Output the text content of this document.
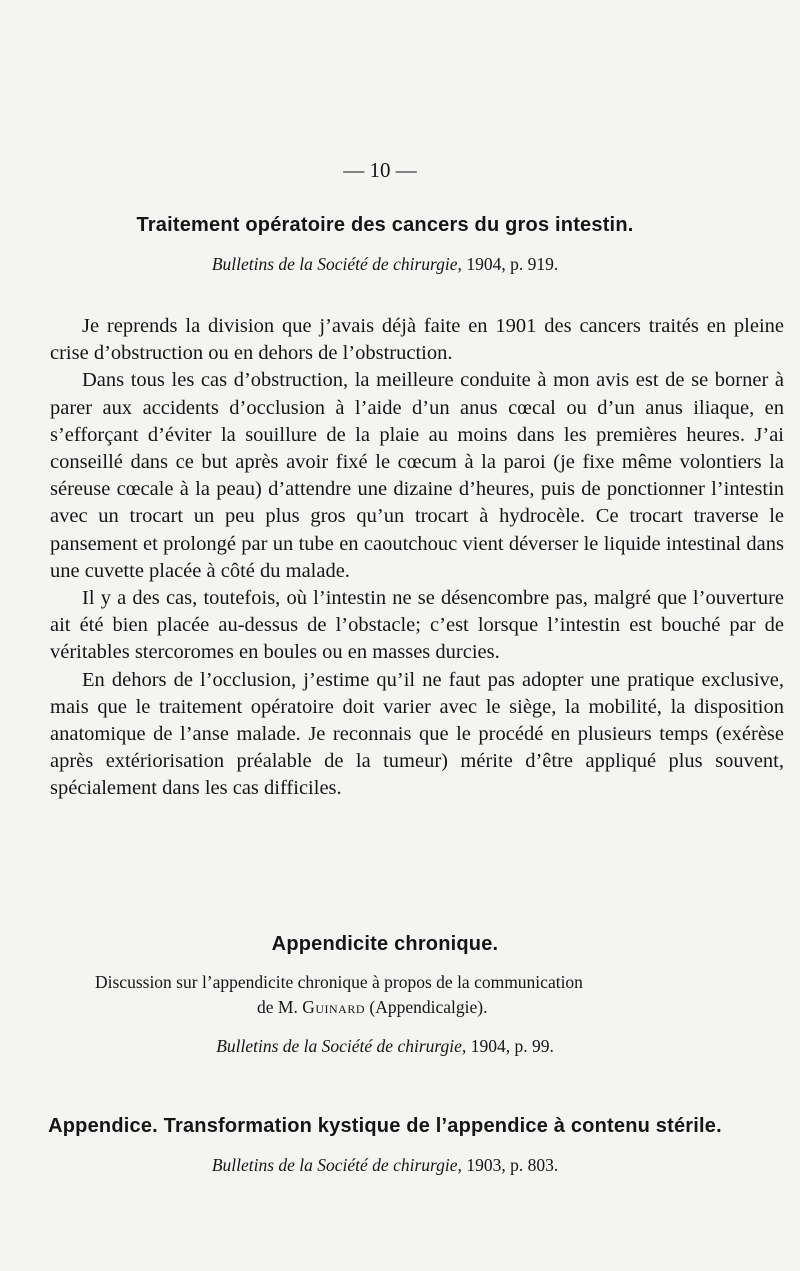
— 10 —
Traitement opératoire des cancers du gros intestin.
Bulletins de la Société de chirurgie, 1904, p. 919.

Je reprends la division que j’avais déjà faite en 1901 des cancers traités en pleine crise d’obstruction ou en dehors de l’obstruction.

Dans tous les cas d’obstruction, la meilleure conduite à mon avis est de se borner à parer aux accidents d’occlusion à l’aide d’un anus cœcal ou d’un anus iliaque, en s’efforçant d’éviter la souillure de la plaie au moins dans les premières heures. J’ai conseillé dans ce but après avoir fixé le cœcum à la paroi (je fixe même volontiers la séreuse cœcale à la peau) d’attendre une dizaine d’heures, puis de ponctionner l’intestin avec un trocart un peu plus gros qu’un trocart à hydrocèle. Ce trocart traverse le pansement et prolongé par un tube en caoutchouc vient déverser le liquide intestinal dans une cuvette placée à côté du malade.

Il y a des cas, toutefois, où l’intestin ne se désencombre pas, malgré que l’ouverture ait été bien placée au-dessus de l’obstacle; c’est lorsque l’intestin est bouché par de véritables stercoromes en boules ou en masses durcies.

En dehors de l’occlusion, j’estime qu’il ne faut pas adopter une pratique exclusive, mais que le traitement opératoire doit varier avec le siège, la mobilité, la disposition anatomique de l’anse malade. Je reconnais que le procédé en plusieurs temps (exérèse après extériorisation préalable de la tumeur) mérite d’être appliqué plus souvent, spécialement dans les cas difficiles.

Appendicite chronique.
Discussion sur l’appendicite chronique à propos de la communication
de M. Guinard (Appendicalgie).
Bulletins de la Société de chirurgie, 1904, p. 99.
Appendice. Transformation kystique de l’appendice à contenu stérile.
Bulletins de la Société de chirurgie, 1903, p. 803.
